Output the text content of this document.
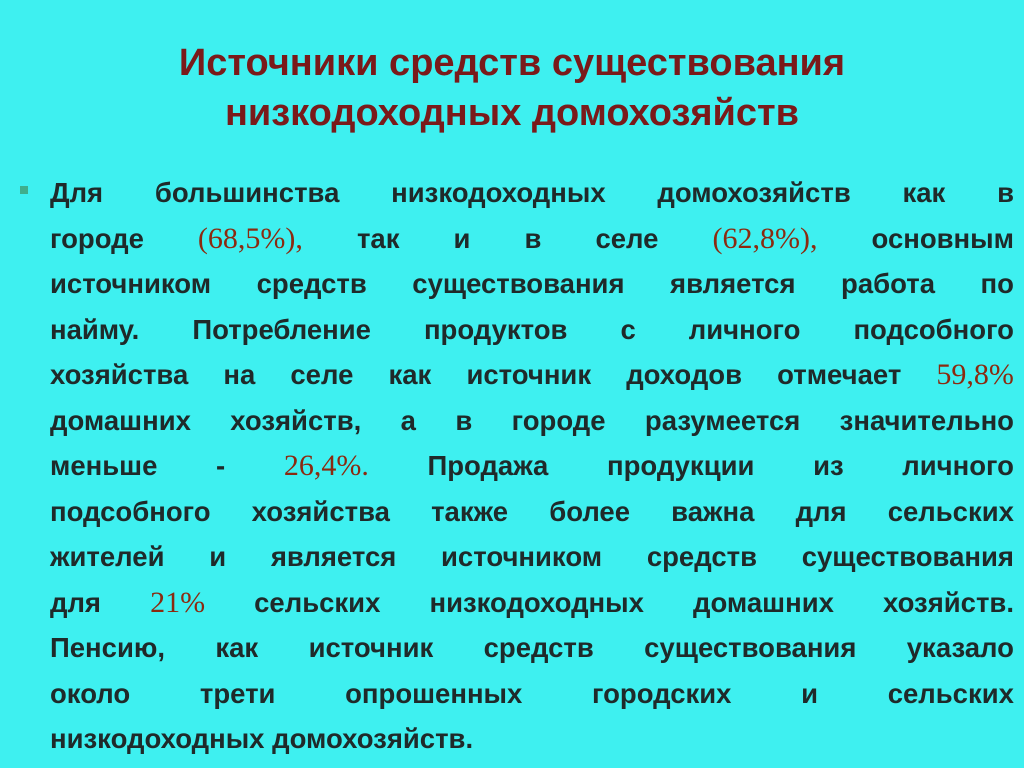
Источники средств существования
низкодоходных домохозяйств
Для большинства низкодоходных домохозяйств как в
городе (68,5%), так и в селе (62,8%), основным
источником средств существования является работа по
найму. Потребление продуктов с личного подсобного
хозяйства на селе как источник доходов отмечает 59,8%
домашних хозяйств, а в городе разумеется значительно
меньше - 26,4%. Продажа продукции из личного
подсобного хозяйства также более важна для сельских
жителей и является источником средств существования
для 21% сельских низкодоходных домашних хозяйств.
Пенсию, как источник средств существования указало
около	трети	опрошенных	городских	и	сельских
низкодоходных домохозяйств.
